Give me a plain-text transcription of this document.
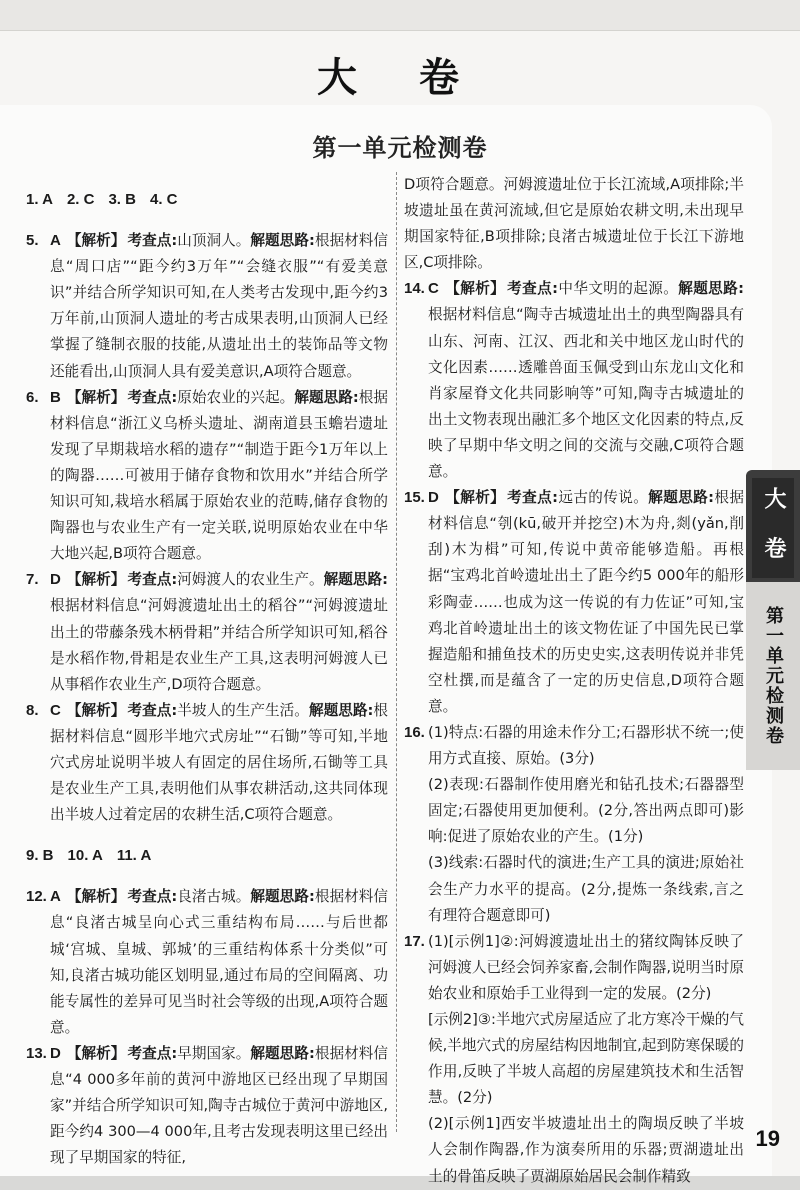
大 卷
第一单元检测卷

1. A 2. C 3. B 4. C

5. A 【解析】 考查点:山顶洞人。解题思路:根据材料信息“周口店”“距今约3万年”“会缝衣服”“有爱美意识”并结合所学知识可知,在人类考古发现中,距今约3万年前,山顶洞人遗址的考古成果表明,山顶洞人已经掌握了缝制衣服的技能,从遗址出土的装饰品等文物还能看出,山顶洞人具有爱美意识,A项符合题意。

6. B 【解析】 考查点:原始农业的兴起。解题思路:根据材料信息“浙江义乌桥头遗址、湖南道县玉蟾岩遗址发现了早期栽培水稻的遗存”“制造于距今1万年以上的陶器……可被用于储存食物和饮用水”并结合所学知识可知,栽培水稻属于原始农业的范畴,储存食物的陶器也与农业生产有一定关联,说明原始农业在中华大地兴起,B项符合题意。

7. D 【解析】 考查点:河姆渡人的农业生产。解题思路:根据材料信息“河姆渡遗址出土的稻谷”“河姆渡遗址出土的带藤条残木柄骨耜”并结合所学知识可知,稻谷是水稻作物,骨耜是农业生产工具,这表明河姆渡人已从事稻作农业生产,D项符合题意。

8. C 【解析】 考查点:半坡人的生产生活。解题思路:根据材料信息“圆形半地穴式房址”“石锄”等可知,半地穴式房址说明半坡人有固定的居住场所,石锄等工具是农业生产工具,表明他们从事农耕活动,这共同体现出半坡人过着定居的农耕生活,C项符合题意。

9. B 10. A 11. A

12. A 【解析】 考查点:良渚古城。解题思路:根据材料信息“良渚古城呈向心式三重结构布局……与后世都城‘宫城、皇城、郭城’的三重结构体系十分类似”可知,良渚古城功能区划明显,通过布局的空间隔离、功能专属性的差异可见当时社会等级的出现,A项符合题意。

13. D 【解析】 考查点:早期国家。解题思路:根据材料信息“4 000多年前的黄河中游地区已经出现了早期国家”并结合所学知识可知,陶寺古城位于黄河中游地区,距今约4 300—4 000年,且考古发现表明这里已经出现了早期国家的特征,

D项符合题意。河姆渡遗址位于长江流域,A项排除;半坡遗址虽在黄河流域,但它是原始农耕文明,未出现早期国家特征,B项排除;良渚古城遗址位于长江下游地区,C项排除。

14. C 【解析】 考查点:中华文明的起源。解题思路:根据材料信息“陶寺古城遗址出土的典型陶器具有山东、河南、江汉、西北和关中地区龙山时代的文化因素……透雕兽面玉佩受到山东龙山文化和肖家屋脊文化共同影响等”可知,陶寺古城遗址的出土文物表现出融汇多个地区文化因素的特点,反映了早期中华文明之间的交流与交融,C项符合题意。

15. D 【解析】 考查点:远古的传说。解题思路:根据材料信息“刳(kū,破开并挖空)木为舟,剡(yǎn,削刮)木为楫”可知,传说中黄帝能够造船。再根据“宝鸡北首岭遗址出土了距今约5 000年的船形彩陶壶……也成为这一传说的有力佐证”可知,宝鸡北首岭遗址出土的该文物佐证了中国先民已掌握造船和捕鱼技术的历史史实,这表明传说并非凭空杜撰,而是蕴含了一定的历史信息,D项符合题意。

16. (1)特点:石器的用途未作分工;石器形状不统一;使用方式直接、原始。(3分)

(2)表现:石器制作使用磨光和钻孔技术;石器器型固定;石器使用更加便利。(2分,答出两点即可)影响:促进了原始农业的产生。(1分)

(3)线索:石器时代的演进;生产工具的演进;原始社会生产力水平的提高。(2分,提炼一条线索,言之有理符合题意即可)

17. (1)[示例1]②:河姆渡遗址出土的猪纹陶钵反映了河姆渡人已经会饲养家畜,会制作陶器,说明当时原始农业和原始手工业得到一定的发展。(2分)

[示例2]③:半地穴式房屋适应了北方寒冷干燥的气候,半地穴式的房屋结构因地制宜,起到防寒保暖的作用,反映了半坡人高超的房屋建筑技术和生活智慧。(2分)

(2)[示例1]西安半坡遗址出土的陶埙反映了半坡人会制作陶器,作为演奏所用的乐器;贾湖遗址出土的骨笛反映了贾湖原始居民会制作精致

大 卷
第一单元检测卷
19
